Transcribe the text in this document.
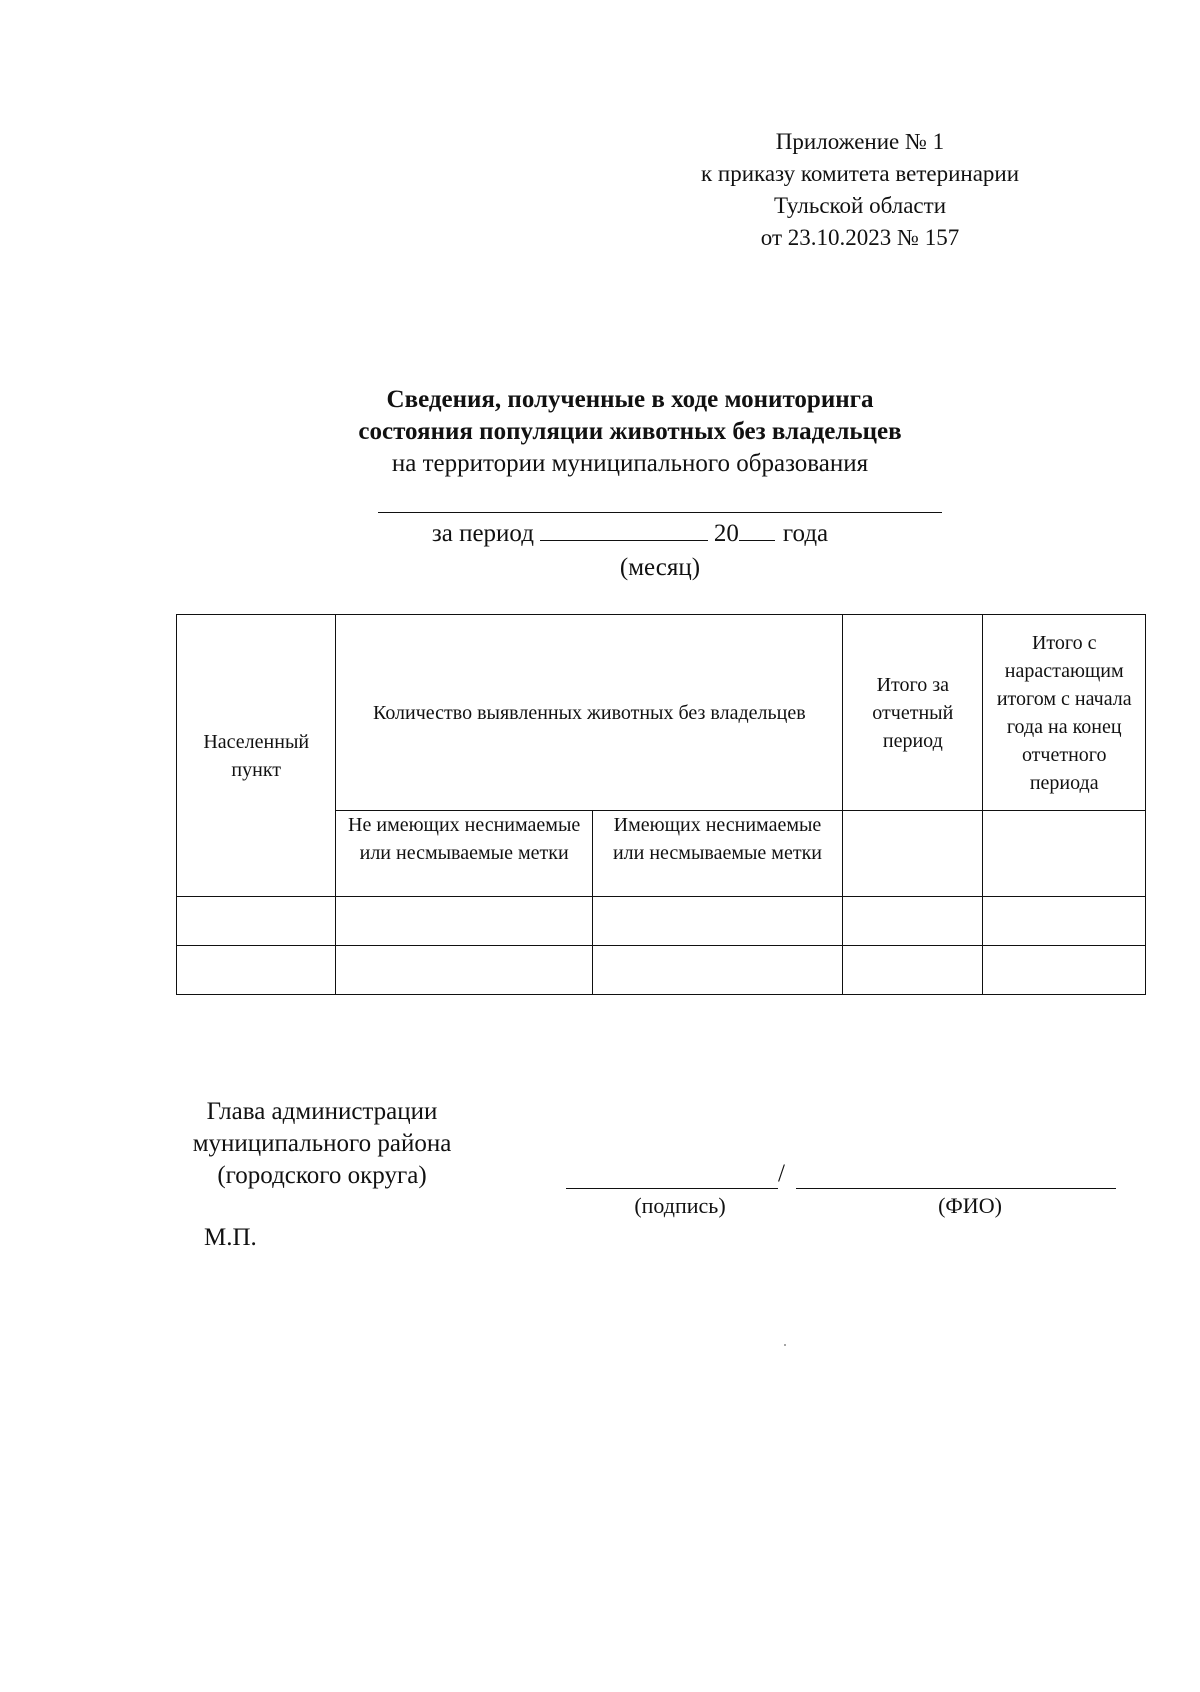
Приложение № 1
к приказу комитета ветеринарии
Тульской области
от 23.10.2023 № 157
Сведения, полученные в ходе мониторинга
состояния популяции животных без владельцев
на территории муниципального образования
за период	20 года
(месяц)
Населенный пункт	Количество выявленных животных без владельцев		Итого за отчетный период	Итого с нарастающим итогом с начала года на конец отчетного периода
	Не имеющих неснимаемые или несмываемые метки	Имеющих неснимаемые или несмываемые метки		

Глава администрации
муниципального района
(городского округа)	/
(подпись)	(ФИО)
М.П.
